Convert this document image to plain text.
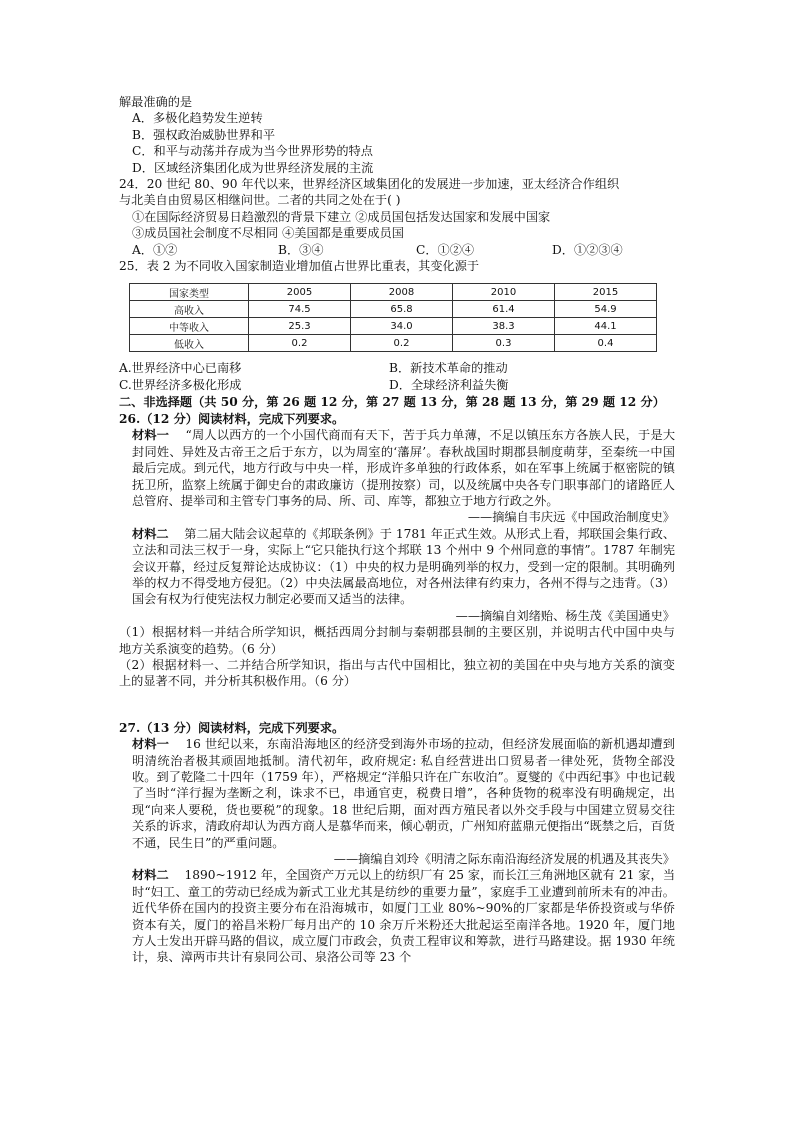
解最准确的是

A．多极化趋势发生逆转

B．强权政治威胁世界和平

C．和平与动荡并存成为当今世界形势的特点

D．区域经济集团化成为世界经济发展的主流

24．20 世纪 80、90 年代以来，世界经济区域集团化的发展进一步加速，亚太经济合作组织

与北美自由贸易区相继问世。二者的共同之处在于( )

①在国际经济贸易日趋激烈的背景下建立 ②成员国包括发达国家和发展中国家

③成员国社会制度不尽相同 ④美国都是重要成员国

A．①②	B．③④	C．①②④	D．①②③④

25．表 2 为不同收入国家制造业增加值占世界比重表，其变化源于

国家类型	2005	2008	2010	2015
高收入	74.5	65.8	61.4	54.9
中等收入	25.3	34.0	38.3	44.1
低收入	0.2	0.2	0.3	0.4
A.世界经济中心已南移	B．新技术革命的推动
C.世界经济多极化形成	D．全球经济利益失衡

二、非选择题（共 50 分，第 26 题 12 分，第 27 题 13 分，第 28 题 13 分，第 29 题 12 分）

26.（12 分）阅读材料，完成下列要求。

材料一 “周人以西方的一个小国代商而有天下，苦于兵力单薄，不足以镇压东方各族人民，于是大封同姓、异姓及古帝王之后于东方，以为周室的‘藩屏’。春秋战国时期郡县制度萌芽，至秦统一中国最后完成。到元代，地方行政与中央一样，形成许多单独的行政体系，如在军事上统属于枢密院的镇抚卫所，监察上统属于御史台的肃政廉访（提刑按察）司，以及统属中央各专门职事部门的诸路匠人总管府、提举司和主管专门事务的局、所、司、库等，都独立于地方行政之外。

——摘编自韦庆远《中国政治制度史》

材料二 第二届大陆会议起草的《邦联条例》于 1781 年正式生效。从形式上看，邦联国会集行政、立法和司法三权于一身，实际上“它只能执行这个邦联 13 个州中 9 个州同意的事情”。1787 年制宪会议开幕，经过反复辩论达成协议：（1）中央的权力是明确列举的权力，受到一定的限制。其明确列举的权力不得受地方侵犯。（2）中央法属最高地位，对各州法律有约束力，各州不得与之违背。（3）国会有权为行使宪法权力制定必要而又适当的法律。

——摘编自刘绪贻、杨生茂《美国通史》

（1）根据材料一并结合所学知识，概括西周分封制与秦朝郡县制的主要区别，并说明古代中国中央与地方关系演变的趋势。（6 分）

（2）根据材料一、二并结合所学知识，指出与古代中国相比，独立初的美国在中央与地方关系的演变上的显著不同，并分析其积极作用。（6 分）

27.（13 分）阅读材料，完成下列要求。

材料一 16 世纪以来，东南沿海地区的经济受到海外市场的拉动，但经济发展面临的新机遇却遭到明清统治者极其顽固地抵制。清代初年，政府规定: 私自经营进出口贸易者一律处死，货物全部没收。到了乾隆二十四年（1759 年），严格规定“洋船只许在广东收泊”。夏燮的《中西纪事》中也记载了当时“洋行握为垄断之利，诛求不已，串通官吏，税费日增”，各种货物的税率没有明确规定，出现“向来人要税，货也要税”的现象。18 世纪后期，面对西方殖民者以外交手段与中国建立贸易交往关系的诉求，清政府却认为西方商人是慕华而来，倾心朝贡，广州知府蓝鼎元便指出“既禁之后，百货不通，民生日”的严重问题。

——摘编自刘玲《明清之际东南沿海经济发展的机遇及其丧失》

材料二 1890~1912 年，全国资产万元以上的纺织厂有 25 家，而长江三角洲地区就有 21 家，当时“妇工、童工的劳动已经成为新式工业尤其是纺纱的重要力量”，家庭手工业遭到前所未有的冲击。近代华侨在国内的投资主要分布在沿海城市，如厦门工业 80%~90%的厂家都是华侨投资或与华侨资本有关，厦门的裕昌米粉厂每月出产的 10 余万斤米粉还大批起运至南洋各地。1920 年，厦门地方人士发出开辟马路的倡议，成立厦门市政会，负责工程审议和筹款，进行马路建设。据 1930 年统计，泉、漳两市共计有泉同公司、泉洛公司等 23 个
